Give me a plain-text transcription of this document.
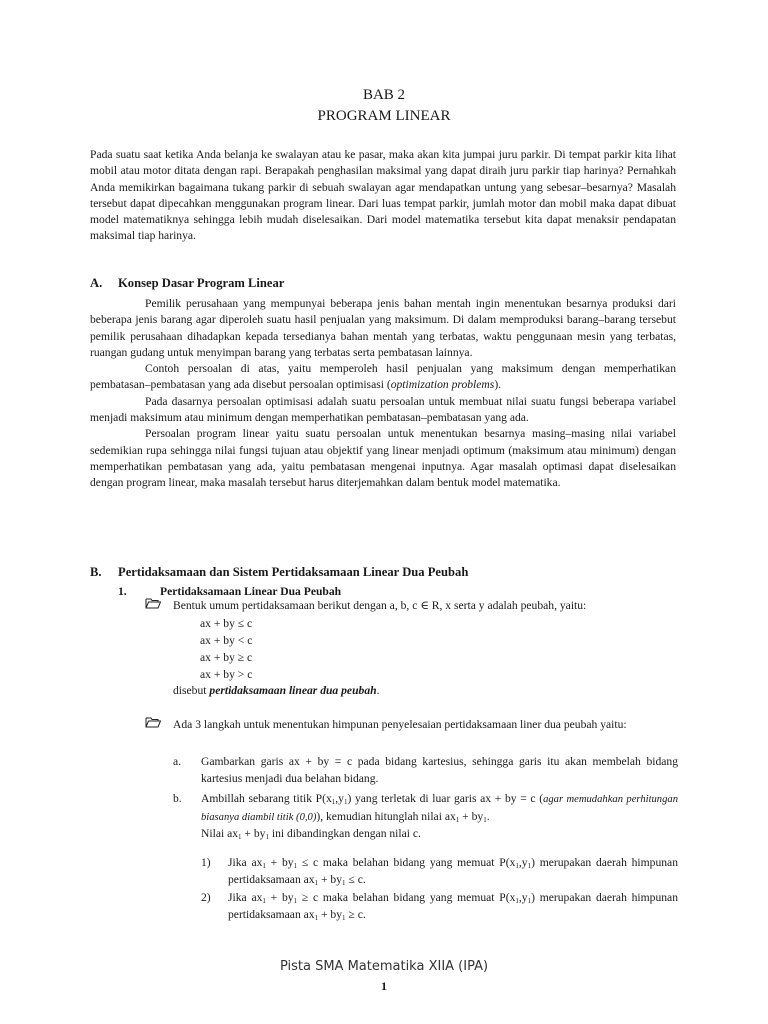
BAB 2
PROGRAM LINEAR

Pada suatu saat ketika Anda belanja ke swalayan atau ke pasar, maka akan kita jumpai juru parkir. Di tempat parkir kita lihat mobil atau motor ditata dengan rapi. Berapakah penghasilan maksimal yang dapat diraih juru parkir tiap harinya? Pernahkah Anda memikirkan bagaimana tukang parkir di sebuah swalayan agar mendapatkan untung yang sebesar–besarnya? Masalah tersebut dapat dipecahkan menggunakan program linear. Dari luas tempat parkir, jumlah motor dan mobil maka dapat dibuat model matematiknya sehingga lebih mudah diselesaikan. Dari model matematika tersebut kita dapat menaksir pendapatan maksimal tiap harinya.

A. Konsep Dasar Program Linear

Pemilik perusahaan yang mempunyai beberapa jenis bahan mentah ingin menentukan besarnya produksi dari beberapa jenis barang agar diperoleh suatu hasil penjualan yang maksimum. Di dalam memproduksi barang–barang tersebut pemilik perusahaan dihadapkan kepada tersedianya bahan mentah yang terbatas, waktu penggunaan mesin yang terbatas, ruangan gudang untuk menyimpan barang yang terbatas serta pembatasan lainnya.

Contoh persoalan di atas, yaitu memperoleh hasil penjualan yang maksimum dengan memperhatikan pembatasan–pembatasan yang ada disebut persoalan optimisasi (optimization problems).

Pada dasarnya persoalan optimisasi adalah suatu persoalan untuk membuat nilai suatu fungsi beberapa variabel menjadi maksimum atau minimum dengan memperhatikan pembatasan–pembatasan yang ada.

Persoalan program linear yaitu suatu persoalan untuk menentukan besarnya masing–masing nilai variabel sedemikian rupa sehingga nilai fungsi tujuan atau objektif yang linear menjadi optimum (maksimum atau minimum) dengan memperhatikan pembatasan yang ada, yaitu pembatasan mengenai inputnya. Agar masalah optimasi dapat diselesaikan dengan program linear, maka masalah tersebut harus diterjemahkan dalam bentuk model matematika.

B. Pertidaksamaan dan Sistem Pertidaksamaan Linear Dua Peubah
1.	Pertidaksamaan Linear Dua Peubah
Bentuk umum pertidaksamaan berikut dengan a, b, c ∈ R, x serta y adalah peubah, yaitu:
ax + by ≤ c
ax + by < c
ax + by ≥ c
ax + by > c
disebut pertidaksamaan linear dua peubah.
Ada 3 langkah untuk menentukan himpunan penyelesaian pertidaksamaan liner dua peubah yaitu:
a. Gambarkan garis ax + by = c pada bidang kartesius, sehingga garis itu akan membelah bidang kartesius menjadi dua belahan bidang.
b. Ambillah sebarang titik $P(x_1,y_1)$ yang terletak di luar garis ax + by = c (agar memudahkan perhitungan biasanya diambil titik (0,0)), kemudian hitunglah nilai $ax_1 + by_1$.
Nilai $ax_1 + by_1$ ini dibandingkan dengan nilai c.
1) Jika $ax_1 + by_1 \le c$ maka belahan bidang yang memuat $P(x_1,y_1)$ merupakan daerah himpunan pertidaksamaan $ax_1 + by_1 \le c$.
2) Jika $ax_1 + by_1 \ge c$ maka belahan bidang yang memuat $P(x_1,y_1)$ merupakan daerah himpunan pertidaksamaan $ax_1 + by_1 \ge c$.
Pista SMA Matematika XIIA (IPA)
1
